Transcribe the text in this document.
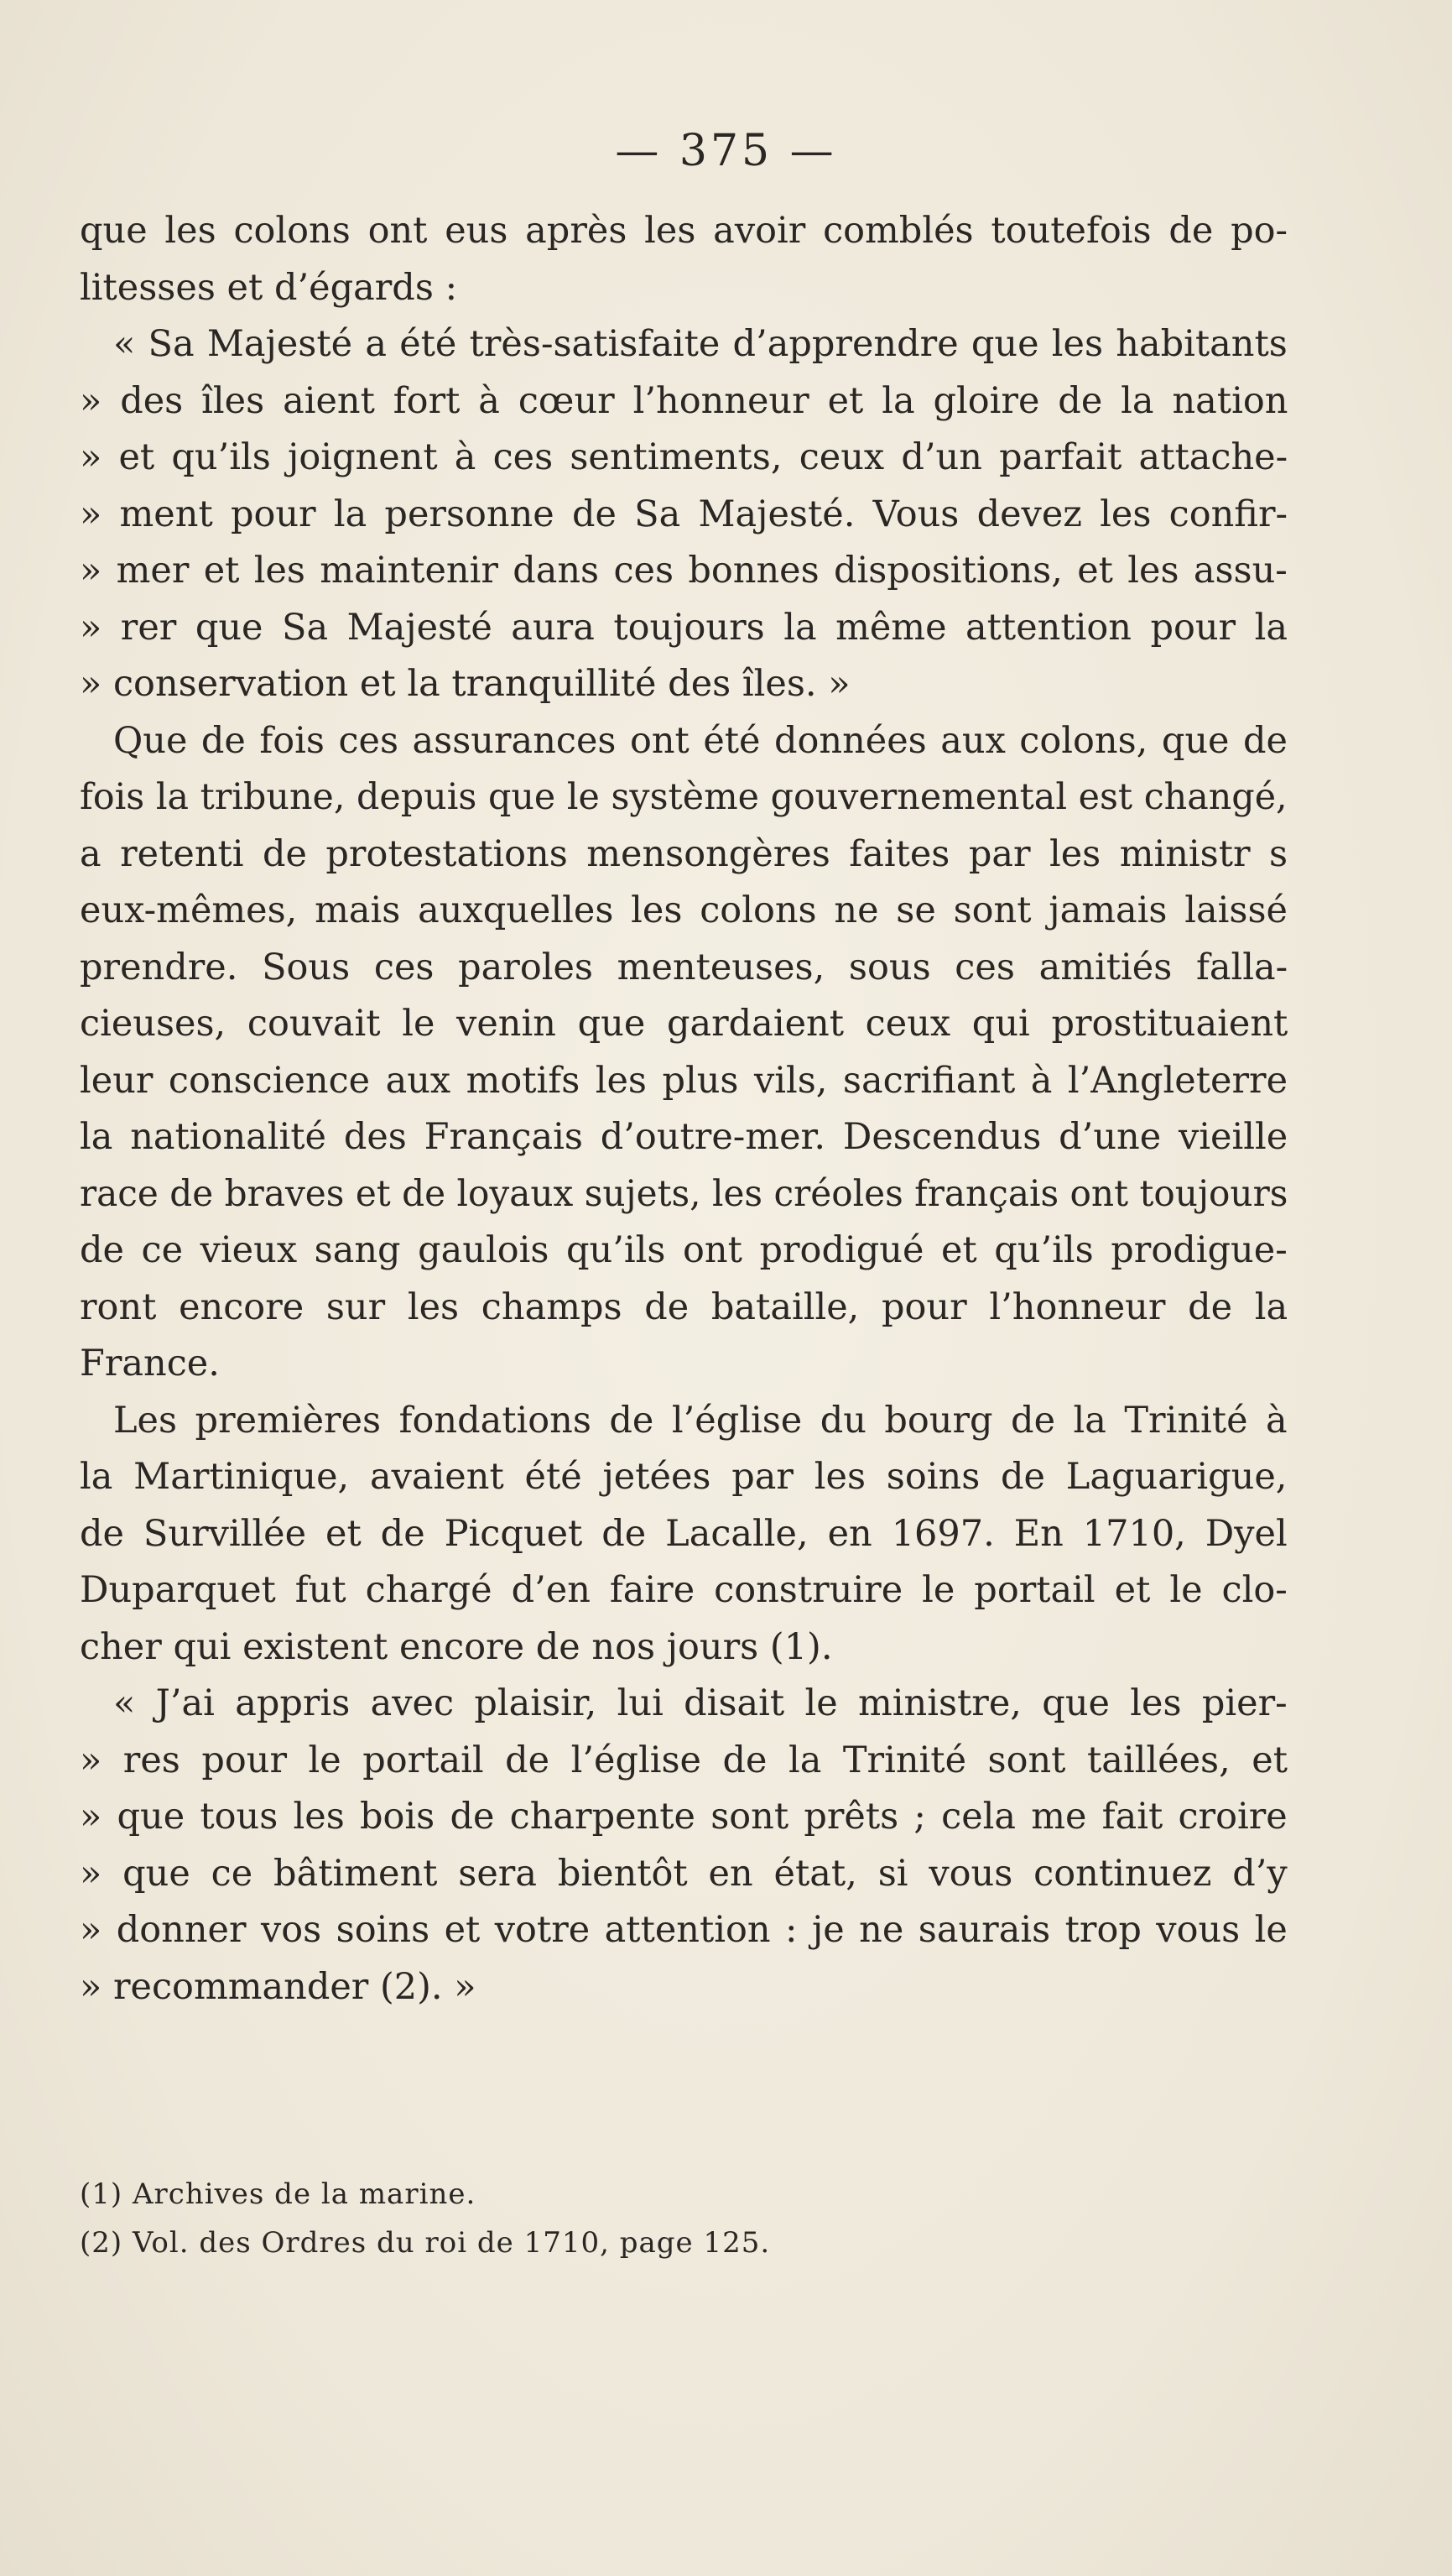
— 375 —
que les colons ont eus après les avoir comblés toutefois de po-
litesses et d’égards :
« Sa Majesté a été très-satisfaite d’apprendre que les habitants
» des îles aient fort à cœur l’honneur et la gloire de la nation
» et qu’ils joignent à ces sentiments, ceux d’un parfait attache-
» ment pour la personne de Sa Majesté. Vous devez les confir-
» mer et les maintenir dans ces bonnes dispositions, et les assu-
» rer que Sa Majesté aura toujours la même attention pour la
» conservation et la tranquillité des îles. »
Que de fois ces assurances ont été données aux colons, que de
fois la tribune, depuis que le système gouvernemental est changé,
a retenti de protestations mensongères faites par les ministr s
eux-mêmes, mais auxquelles les colons ne se sont jamais laissé
prendre. Sous ces paroles menteuses, sous ces amitiés falla-
cieuses, couvait le venin que gardaient ceux qui prostituaient
leur conscience aux motifs les plus vils, sacrifiant à l’Angleterre
la nationalité des Français d’outre-mer. Descendus d’une vieille
race de braves et de loyaux sujets, les créoles français ont toujours
de ce vieux sang gaulois qu’ils ont prodigué et qu’ils prodigue-
ront encore sur les champs de bataille, pour l’honneur de la
France.
Les premières fondations de l’église du bourg de la Trinité à
la Martinique, avaient été jetées par les soins de Laguarigue,
de Survillée et de Picquet de Lacalle, en 1697. En 1710, Dyel
Duparquet fut chargé d’en faire construire le portail et le clo-
cher qui existent encore de nos jours (1).
« J’ai appris avec plaisir, lui disait le ministre, que les pier-
» res pour le portail de l’église de la Trinité sont taillées, et
» que tous les bois de charpente sont prêts ; cela me fait croire
» que ce bâtiment sera bientôt en état, si vous continuez d’y
» donner vos soins et votre attention : je ne saurais trop vous le
» recommander (2). »
(1) Archives de la marine.
(2) Vol. des Ordres du roi de 1710, page 125.
